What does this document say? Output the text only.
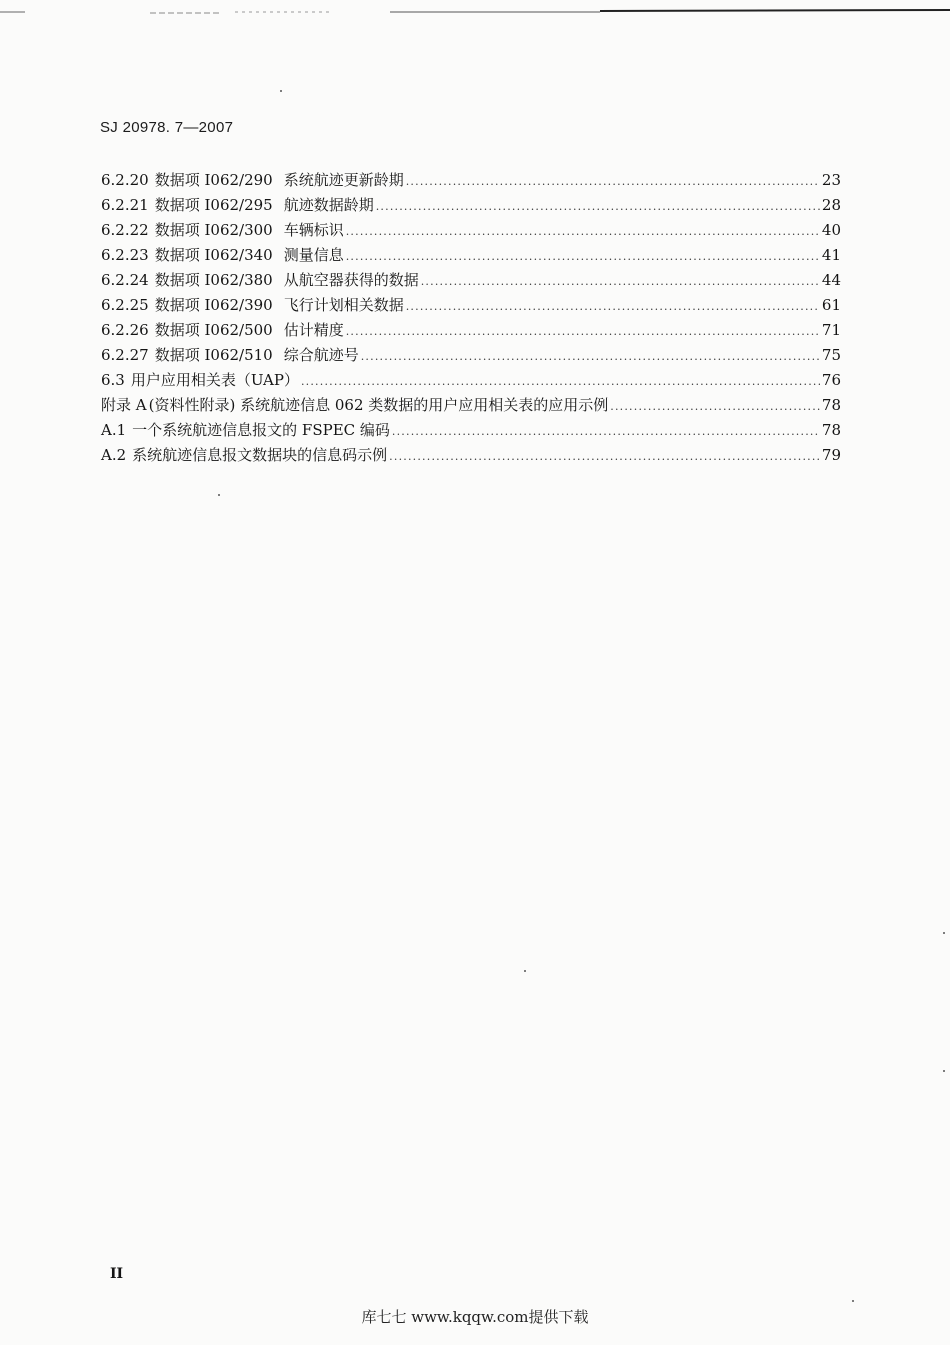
SJ 20978. 7—2007
6.2.20 数据项 I062/290 系统航迹更新龄期 .....	23
6.2.21 数据项 I062/295 航迹数据龄期 .....	28
6.2.22 数据项 I062/300 车辆标识 .....	40
6.2.23 数据项 I062/340 测量信息 .....	41
6.2.24 数据项 I062/380 从航空器获得的数据 .....	44
6.2.25 数据项 I062/390 飞行计划相关数据 .....	61
6.2.26 数据项 I062/500 估计精度 .....	71
6.2.27 数据项 I062/510 综合航迹号 .....	75
6.3 用户应用相关表（UAP） .....	76
附录 A (资料性附录) 系统航迹信息 062 类数据的用户应用相关表的应用示例 .....	78
A.1 一个系统航迹信息报文的 FSPEC 编码 .....	78
A.2 系统航迹信息报文数据块的信息码示例 .....	79
II
库七七 www.kqqw.com提供下载
